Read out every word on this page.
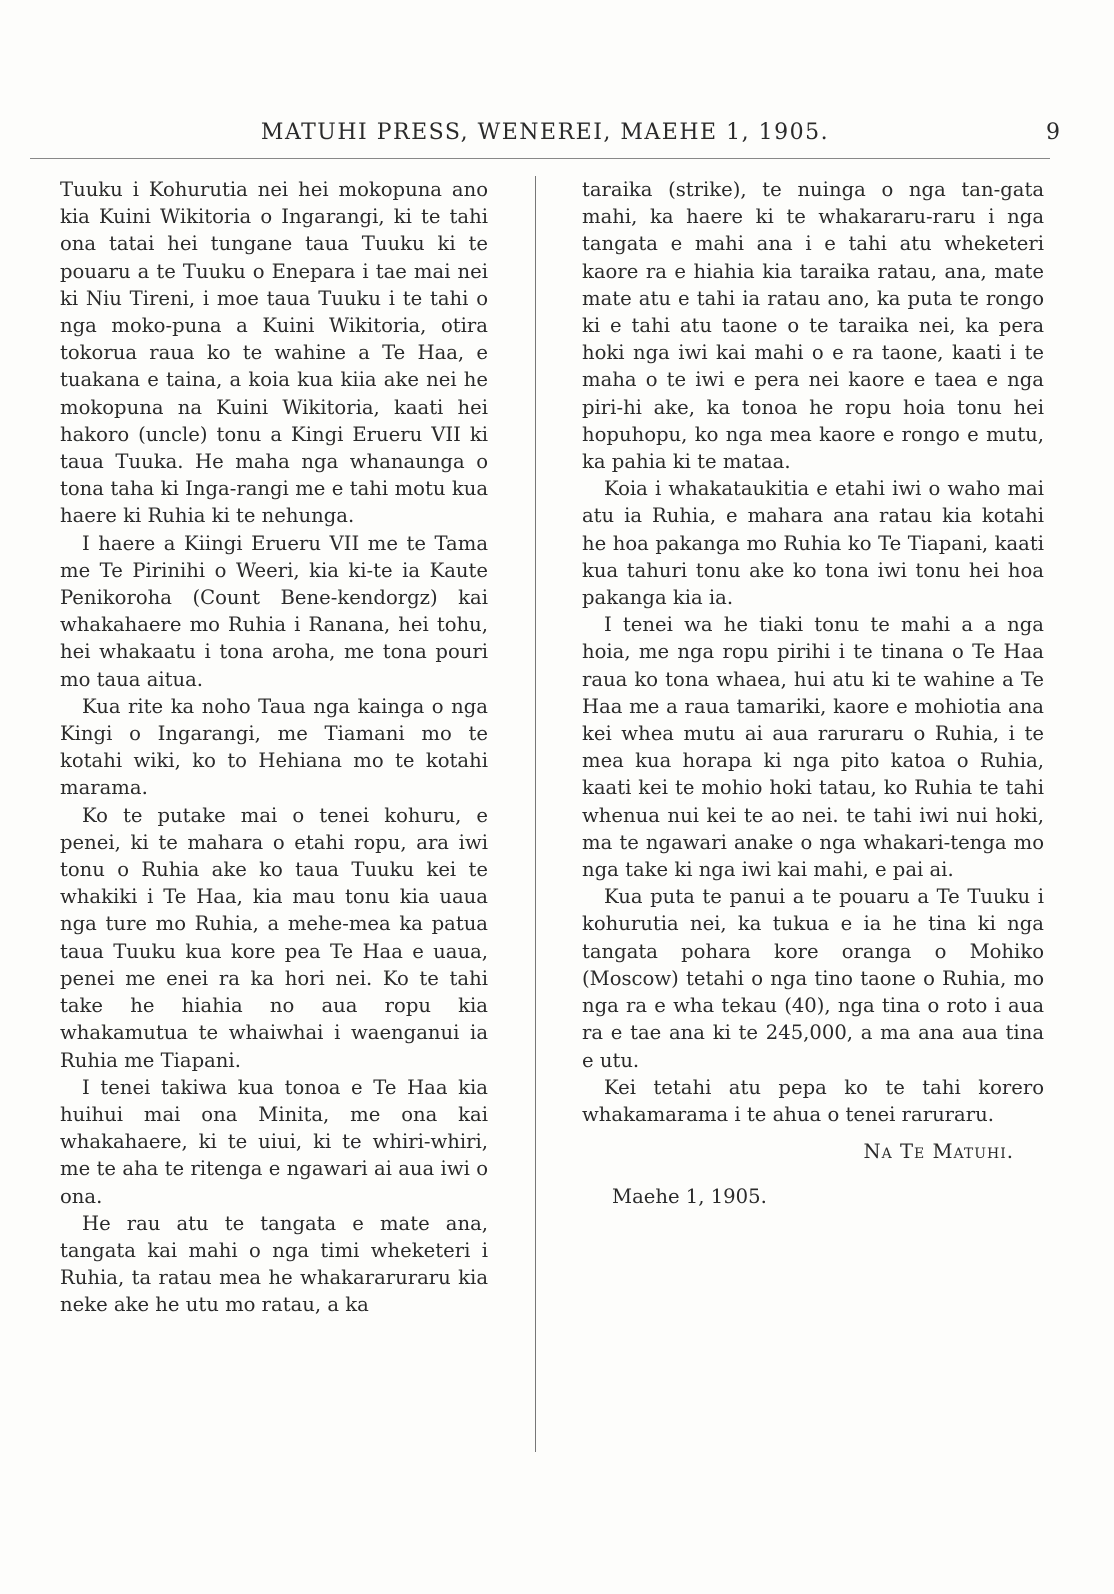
MATUHI PRESS, WENEREI, MAEHE 1, 1905.	9

Tuuku i Kohurutia nei hei mokopuna ano kia Kuini Wikitoria o Ingarangi, ki te tahi ona tatai hei tungane taua Tuuku ki te pouaru a te Tuuku o Enepara i tae mai nei ki Niu Tireni, i moe taua Tuuku i te tahi o nga moko-puna a Kuini Wikitoria, otira tokorua raua ko te wahine a Te Haa, e tuakana e taina, a koia kua kiia ake nei he mokopuna na Kuini Wikitoria, kaati hei hakoro (uncle) tonu a Kingi Erueru VII ki taua Tuuka. He maha nga whanaunga o tona taha ki Inga-rangi me e tahi motu kua haere ki Ruhia ki te nehunga.

I haere a Kiingi Erueru VII me te Tama me Te Pirinihi o Weeri, kia ki-te ia Kaute Penikoroha (Count Bene-kendorgz) kai whakahaere mo Ruhia i Ranana, hei tohu, hei whakaatu i tona aroha, me tona pouri mo taua aitua.

Kua rite ka noho Taua nga kainga o nga Kingi o Ingarangi, me Tiamani mo te kotahi wiki, ko to Hehiana mo te kotahi marama.

Ko te putake mai o tenei kohuru, e penei, ki te mahara o etahi ropu, ara iwi tonu o Ruhia ake ko taua Tuuku kei te whakiki i Te Haa, kia mau tonu kia uaua nga ture mo Ruhia, a mehe-mea ka patua taua Tuuku kua kore pea Te Haa e uaua, penei me enei ra ka hori nei. Ko te tahi take he hiahia no aua ropu kia whakamutua te whaiwhai i waenganui ia Ruhia me Tiapani.

I tenei takiwa kua tonoa e Te Haa kia huihui mai ona Minita, me ona kai whakahaere, ki te uiui, ki te whiri-whiri, me te aha te ritenga e ngawari ai aua iwi o ona.

He rau atu te tangata e mate ana, tangata kai mahi o nga timi wheketeri i Ruhia, ta ratau mea he whakararuraru kia neke ake he utu mo ratau, a ka

taraika (strike), te nuinga o nga tan-gata mahi, ka haere ki te whakararu-raru i nga tangata e mahi ana i e tahi atu wheketeri kaore ra e hiahia kia taraika ratau, ana, mate mate atu e tahi ia ratau ano, ka puta te rongo ki e tahi atu taone o te taraika nei, ka pera hoki nga iwi kai mahi o e ra taone, kaati i te maha o te iwi e pera nei kaore e taea e nga piri-hi ake, ka tonoa he ropu hoia tonu hei hopuhopu, ko nga mea kaore e rongo e mutu, ka pahia ki te mataa.

Koia i whakataukitia e etahi iwi o waho mai atu ia Ruhia, e mahara ana ratau kia kotahi he hoa pakanga mo Ruhia ko Te Tiapani, kaati kua tahuri tonu ake ko tona iwi tonu hei hoa pakanga kia ia.

I tenei wa he tiaki tonu te mahi a a nga hoia, me nga ropu pirihi i te tinana o Te Haa raua ko tona whaea, hui atu ki te wahine a Te Haa me a raua tamariki, kaore e mohiotia ana kei whea mutu ai aua raruraru o Ruhia, i te mea kua horapa ki nga pito katoa o Ruhia, kaati kei te mohio hoki tatau, ko Ruhia te tahi whenua nui kei te ao nei. te tahi iwi nui hoki, ma te ngawari anake o nga whakari-tenga mo nga take ki nga iwi kai mahi, e pai ai.

Kua puta te panui a te pouaru a Te Tuuku i kohurutia nei, ka tukua e ia he tina ki nga tangata pohara kore oranga o Mohiko (Moscow) tetahi o nga tino taone o Ruhia, mo nga ra e wha tekau (40), nga tina o roto i aua ra e tae ana ki te 245,000, a ma ana aua tina e utu.

Kei tetahi atu pepa ko te tahi korero whakamarama i te ahua o tenei raruraru.

Na Te Matuhi.
Maehe 1, 1905.
